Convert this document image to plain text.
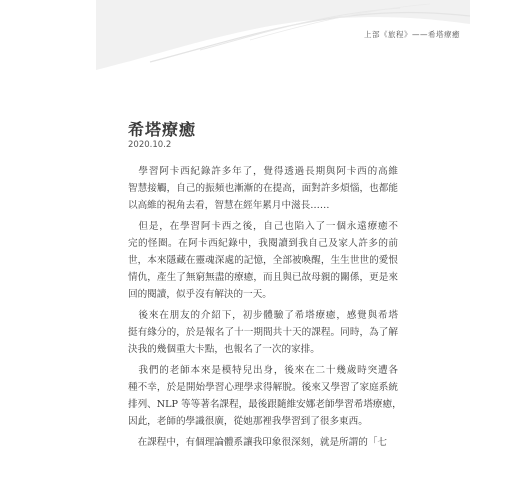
上部《旅程》——希塔療癒
希塔療癒
2020.10.2

　學習阿卡西紀錄許多年了，覺得透過長期與阿卡西的高維
智慧接觸，自己的振頻也漸漸的在提高，面對許多煩惱，也都能
以高維的視角去看，智慧在經年累月中滋長……

　但是，在學習阿卡西之後，自己也陷入了一個永遠療癒不
完的怪圈。在阿卡西紀錄中，我閱讀到我自己及家人許多的前
世，本來隱藏在靈魂深處的記憶，全部被喚醒，生生世世的愛恨
情仇，產生了無窮無盡的療癒，而且與已故母親的關係，更是來
回的閱讀，似乎沒有解決的一天。

　後來在朋友的介紹下，初步體驗了希塔療癒，感覺與希塔
挺有緣分的，於是報名了十一期間共十天的課程。同時，為了解
決我的幾個重大卡點，也報名了一次的家排。

　我們的老師本來是模特兒出身，後來在二十幾歲時突遭各
種不幸，於是開始學習心理學求得解脫。後來又學習了家庭系統
排列、NLP 等等著名課程，最後跟隨維安娜老師學習希塔療癒，
因此，老師的學識很廣，從她那裡我學習到了很多東西。

　在課程中，有個理論體系讓我印象很深刻，就是所謂的「七
